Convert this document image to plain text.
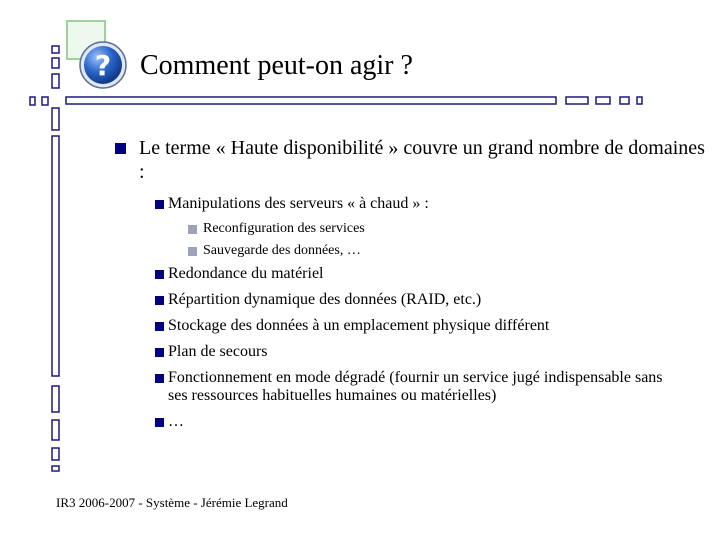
? Comment peut-on agir ?
Le terme « Haute disponibilité » couvre un grand nombre de domaines :
Manipulations des serveurs « à chaud » :
Reconfiguration des services
Sauvegarde des données, …
Redondance du matériel
Répartition dynamique des données (RAID, etc.)
Stockage des données à un emplacement physique différent
Plan de secours
Fonctionnement en mode dégradé (fournir un service jugé indispensable sans ses ressources habituelles humaines ou matérielles)
…
IR3 2006-2007 - Système - Jérémie Legrand
